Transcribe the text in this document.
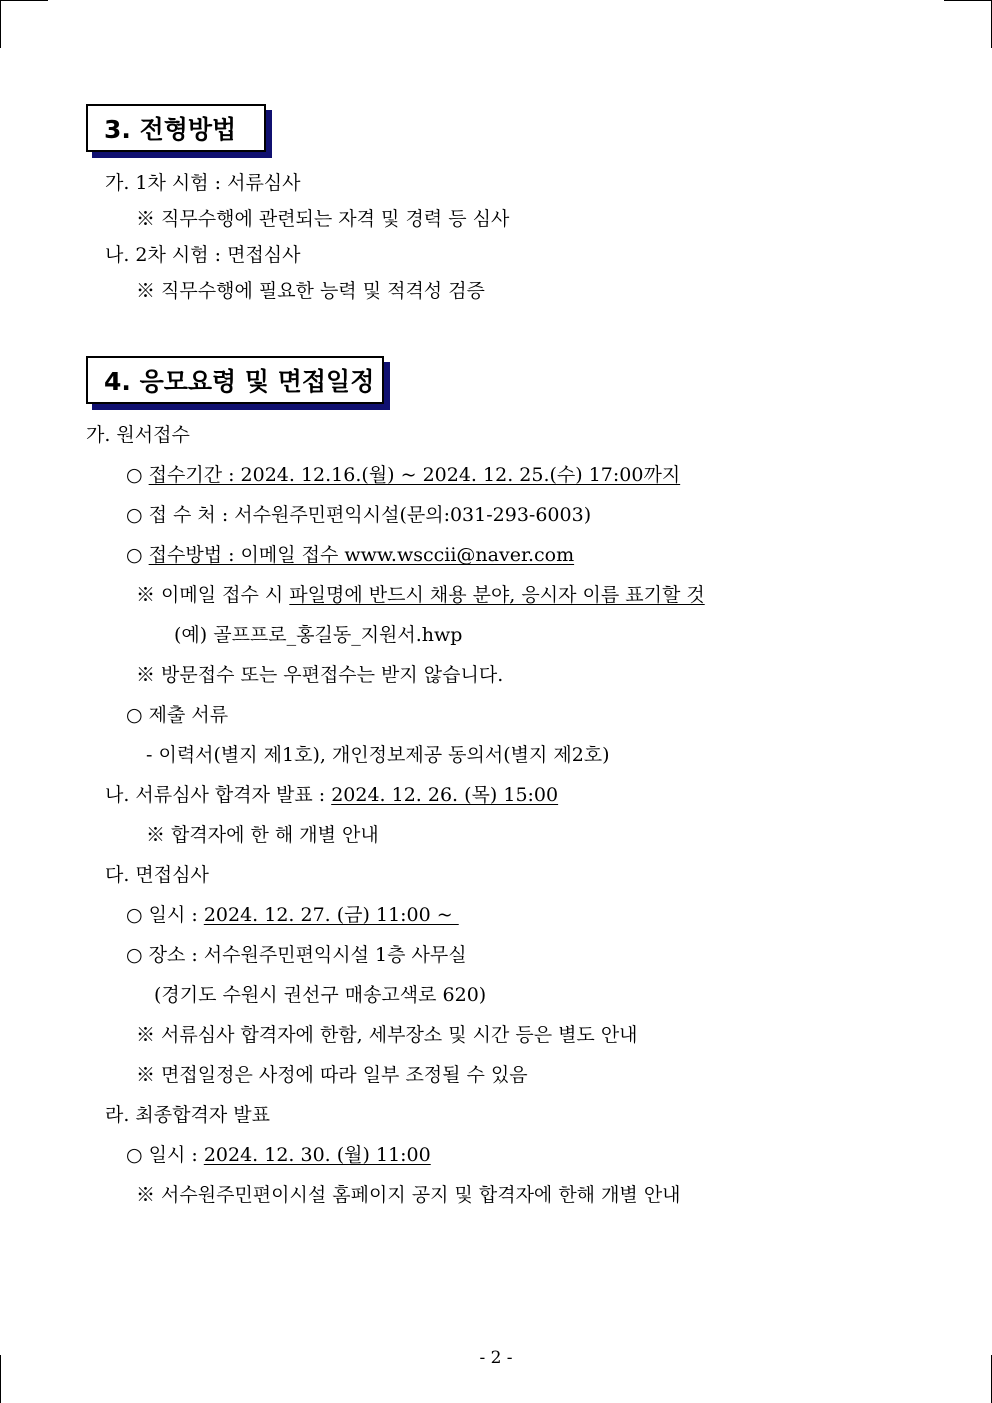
3. 전형방법
가. 1차 시험 : 서류심사
※ 직무수행에 관련되는 자격 및 경력 등 심사
나. 2차 시험 : 면접심사
※ 직무수행에 필요한 능력 및 적격성 검증
4. 응모요령 및 면접일정
가. 원서접수
○ 접수기간 : 2024. 12.16.(월) ~ 2024. 12. 25.(수) 17:00까지
○ 접 수 처 : 서수원주민편익시설(문의:031-293-6003)
○ 접수방법 : 이메일 접수 www.wsccii@naver.com
※ 이메일 접수 시 파일명에 반드시 채용 분야, 응시자 이름 표기할 것
(예) 골프프로_홍길동_지원서.hwp
※ 방문접수 또는 우편접수는 받지 않습니다.
○ 제출 서류
- 이력서(별지 제1호), 개인정보제공 동의서(별지 제2호)
나. 서류심사 합격자 발표 : 2024. 12. 26. (목) 15:00
※ 합격자에 한 해 개별 안내
다. 면접심사
○ 일시 : 2024. 12. 27. (금) 11:00 ~
○ 장소 : 서수원주민편익시설 1층 사무실
(경기도 수원시 권선구 매송고색로 620)
※ 서류심사 합격자에 한함, 세부장소 및 시간 등은 별도 안내
※ 면접일정은 사정에 따라 일부 조정될 수 있음
라. 최종합격자 발표
○ 일시 : 2024. 12. 30. (월) 11:00
※ 서수원주민편이시설 홈페이지 공지 및 합격자에 한해 개별 안내
- 2 -
